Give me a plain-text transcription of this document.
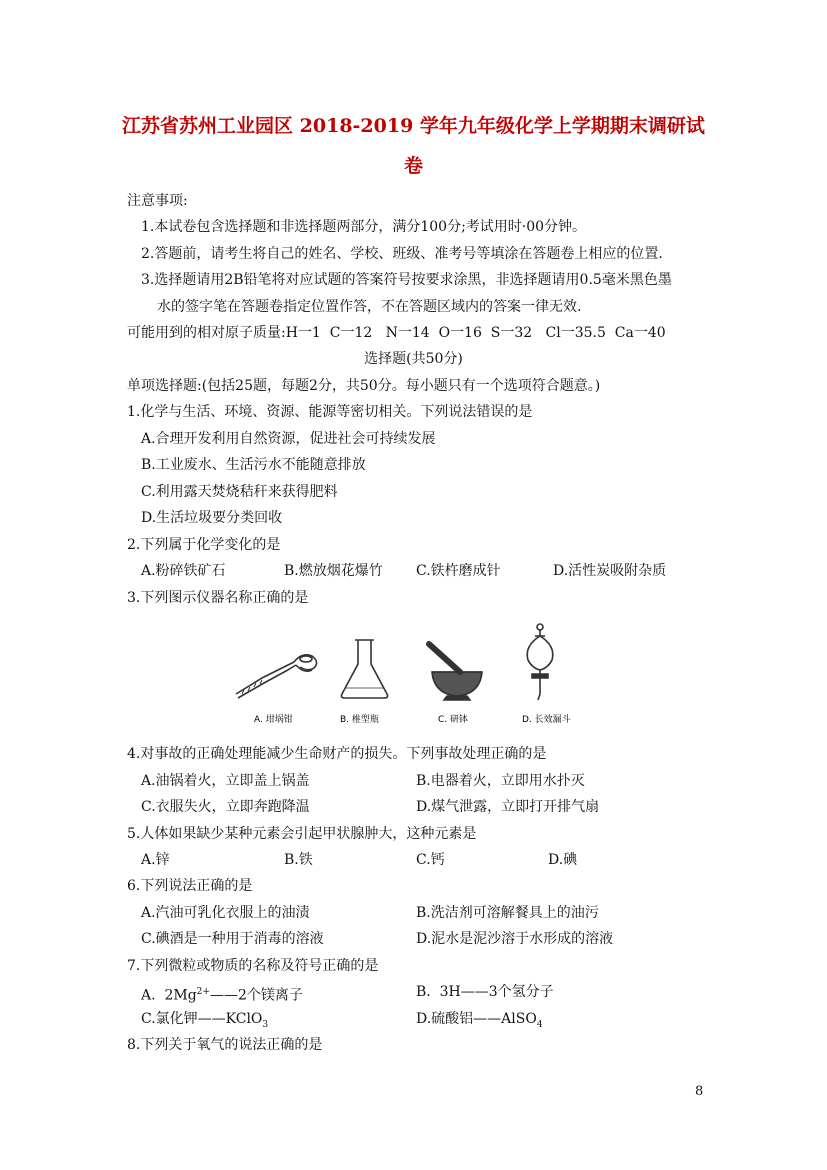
江苏省苏州工业园区 2018-2019 学年九年级化学上学期期末调研试
卷
注意事项:
1.本试卷包含选择题和非选择题两部分，满分100分;考试用时·00分钟。
2.答题前，请考生将自己的姓名、学校、班级、准考号等填涂在答题卷上相应的位置.
3.选择题请用2B铅笔将对应试题的答案符号按要求涂黑，非选择题请用0.5毫米黑色墨
水的签字笔在答题卷指定位置作答，不在答题区域内的答案一律无效.
可能用到的相对原子质量:H一1  C一12   N一14  O一16  S一32   Cl一35.5  Ca一40
选择题(共50分)
单项选择题:(包括25题，每题2分，共50分。每小题只有一个选项符合题意。)
1.化学与生活、环境、资源、能源等密切相关。下列说法错误的是
A.合理开发利用自然资源，促进社会可持续发展
B.工业废水、生活污水不能随意排放
C.利用露天焚烧秸秆来获得肥料
D.生活垃圾要分类回收
2.下列属于化学变化的是
A.粉碎铁矿石	B.燃放烟花爆竹 C.铁杵磨成针	D.活性炭吸附杂质
3.下列图示仪器名称正确的是
A. 坩埚钳	B. 椎型瓶	C. 研钵	D. 长效漏斗
4.对事故的正确处理能减少生命财产的损失。下列事故处理正确的是
A.油锅着火，立即盖上锅盖	B.电器着火，立即用水扑灭
C.衣服失火，立即奔跑降温	D.煤气泄露，立即打开排气扇
5.人体如果缺少某种元素会引起甲状腺肿大，这种元素是
A.锌	B.铁	C.钙	D.碘
6.下列说法正确的是
A.汽油可乳化衣服上的油渍	B.洗洁剂可溶解餐具上的油污
C.碘酒是一种用于消毒的溶液	D.泥水是泥沙溶于水形成的溶液
7.下列微粒或物质的名称及符号正确的是
A.  $2Mg^{2+}——2$个镁离子	B.  3H——3个氢分子
C.氯化钾——KClO$_3$	D.硫酸铝——AlSO$_4$
8.下列关于氧气的说法正确的是
8
